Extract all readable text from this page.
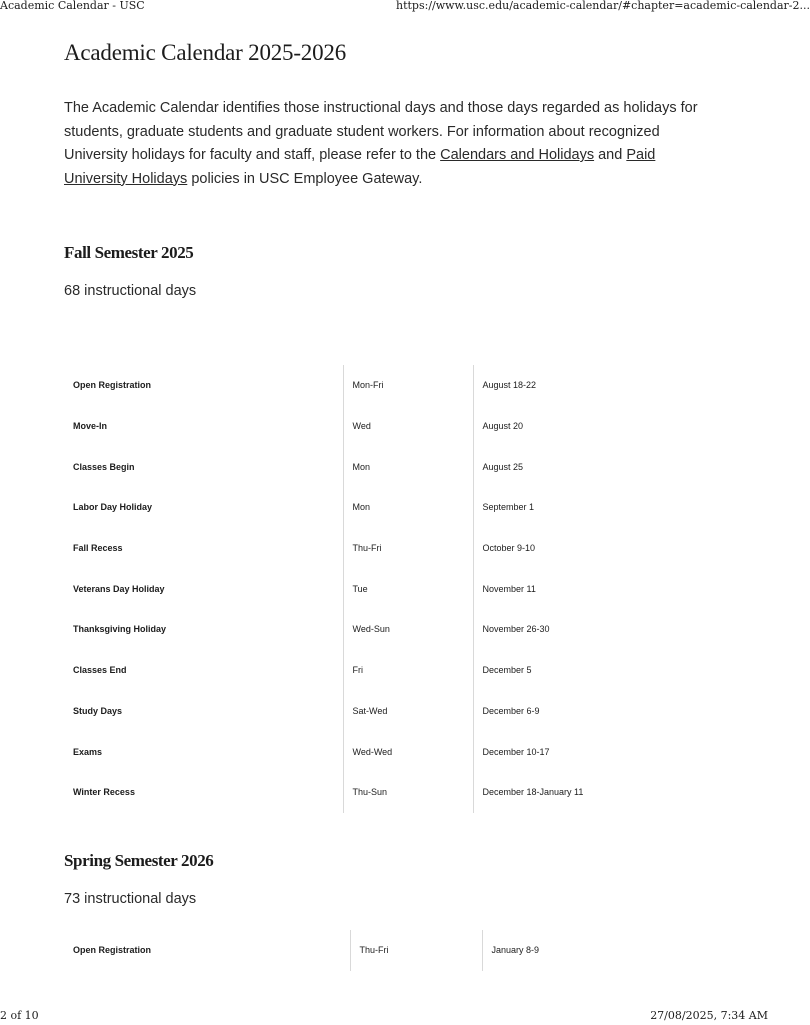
Academic Calendar - USC	https://www.usc.edu/academic-calendar/#chapter=academic-calendar-2...
Academic Calendar 2025-2026

The Academic Calendar identifies those instructional days and those days regarded as holidays for students, graduate students and graduate student workers. For information about recognized University holidays for faculty and staff, please refer to the Calendars and Holidays and Paid University Holidays policies in USC Employee Gateway.

Fall Semester 2025

68 instructional days

Open Registration	Mon-Fri	August 18-22
Move-In	Wed	August 20
Classes Begin	Mon	August 25
Labor Day Holiday	Mon	September 1
Fall Recess	Thu-Fri	October 9-10
Veterans Day Holiday	Tue	November 11
Thanksgiving Holiday	Wed-Sun	November 26-30
Classes End	Fri	December 5
Study Days	Sat-Wed	December 6-9
Exams	Wed-Wed	December 10-17
Winter Recess	Thu-Sun	December 18-January 11
Spring Semester 2026

73 instructional days

Open Registration	Thu-Fri	January 8-9
2 of 10	27/08/2025, 7:34 AM
